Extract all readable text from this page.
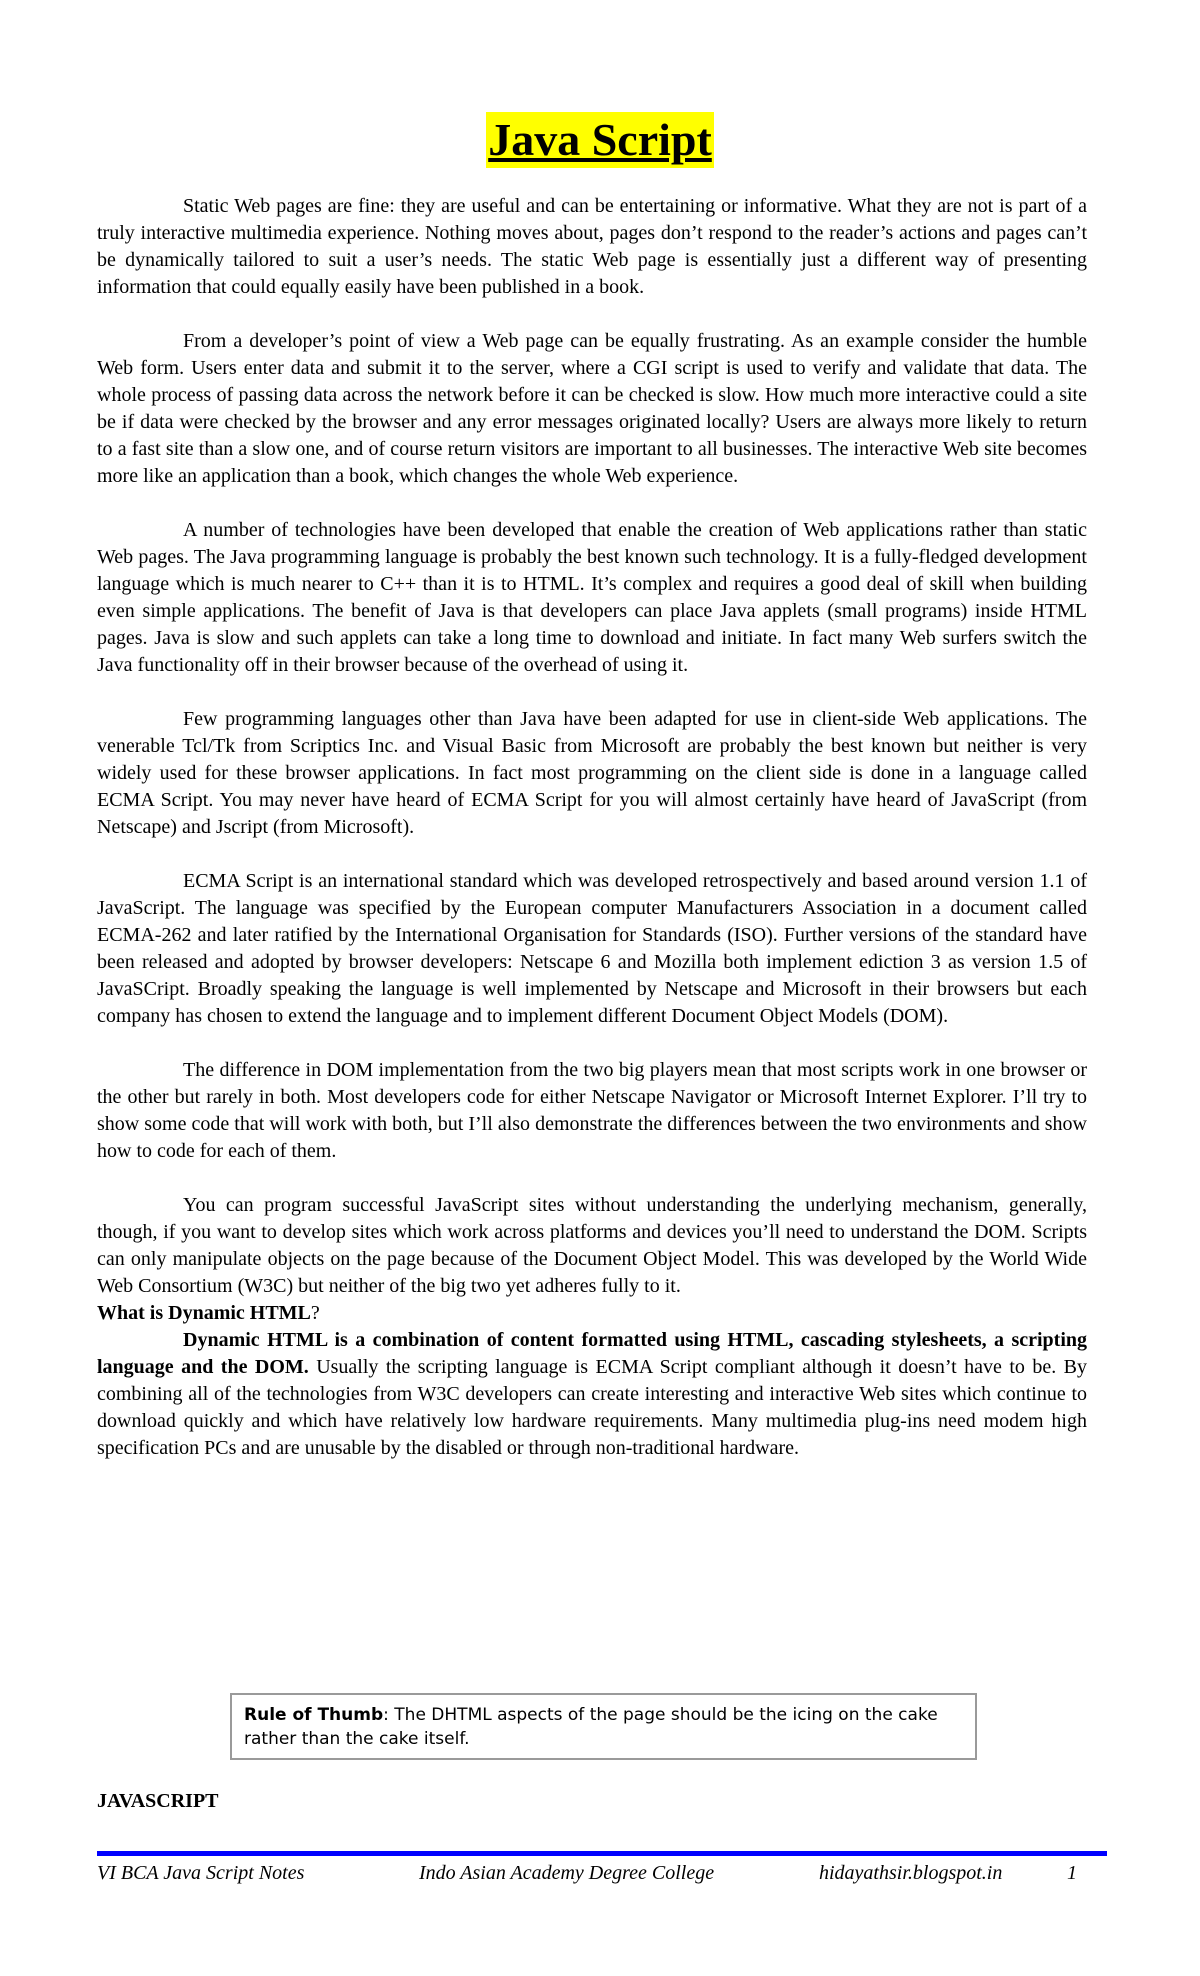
Java Script

Static Web pages are fine: they are useful and can be entertaining or informative. What they are not is part of a truly interactive multimedia experience. Nothing moves about, pages don’t respond to the reader’s actions and pages can’t be dynamically tailored to suit a user’s needs. The static Web page is essentially just a different way of presenting information that could equally easily have been published in a book.

From a developer’s point of view a Web page can be equally frustrating. As an example consider the humble Web form. Users enter data and submit it to the server, where a CGI script is used to verify and validate that data. The whole process of passing data across the network before it can be checked is slow. How much more interactive could a site be if data were checked by the browser and any error messages originated locally? Users are always more likely to return to a fast site than a slow one, and of course return visitors are important to all businesses. The interactive Web site becomes more like an application than a book, which changes the whole Web experience.

A number of technologies have been developed that enable the creation of Web applications rather than static Web pages. The Java programming language is probably the best known such technology. It is a fully-fledged development language which is much nearer to C++ than it is to HTML. It’s complex and requires a good deal of skill when building even simple applications. The benefit of Java is that developers can place Java applets (small programs) inside HTML pages. Java is slow and such applets can take a long time to download and initiate. In fact many Web surfers switch the Java functionality off in their browser because of the overhead of using it.

Few programming languages other than Java have been adapted for use in client-side Web applications. The venerable Tcl/Tk from Scriptics Inc. and Visual Basic from Microsoft are probably the best known but neither is very widely used for these browser applications. In fact most programming on the client side is done in a language called ECMA Script. You may never have heard of ECMA Script for you will almost certainly have heard of JavaScript (from Netscape) and Jscript (from Microsoft).

ECMA Script is an international standard which was developed retrospectively and based around version 1.1 of JavaScript. The language was specified by the European computer Manufacturers Association in a document called ECMA-262 and later ratified by the International Organisation for Standards (ISO). Further versions of the standard have been released and adopted by browser developers: Netscape 6 and Mozilla both implement ediction 3 as version 1.5 of JavaSCript. Broadly speaking the language is well implemented by Netscape and Microsoft in their browsers but each company has chosen to extend the language and to implement different Document Object Models (DOM).

The difference in DOM implementation from the two big players mean that most scripts work in one browser or the other but rarely in both. Most developers code for either Netscape Navigator or Microsoft Internet Explorer. I’ll try to show some code that will work with both, but I’ll also demonstrate the differences between the two environments and show how to code for each of them.

You can program successful JavaScript sites without understanding the underlying mechanism, generally, though, if you want to develop sites which work across platforms and devices you’ll need to understand the DOM. Scripts can only manipulate objects on the page because of the Document Object Model. This was developed by the World Wide Web Consortium (W3C) but neither of the big two yet adheres fully to it.

What is Dynamic HTML?

Dynamic HTML is a combination of content formatted using HTML, cascading stylesheets, a scripting language and the DOM. Usually the scripting language is ECMA Script compliant although it doesn’t have to be. By combining all of the technologies from W3C developers can create interesting and interactive Web sites which continue to download quickly and which have relatively low hardware requirements. Many multimedia plug-ins need modem high specification PCs and are unusable by the disabled or through non-traditional hardware.

Rule of Thumb: The DHTML aspects of the page should be the icing on the cake rather than the cake itself.
JAVASCRIPT
VI BCA Java Script Notes	Indo Asian Academy Degree College	hidayathsir.blogspot.in	1
